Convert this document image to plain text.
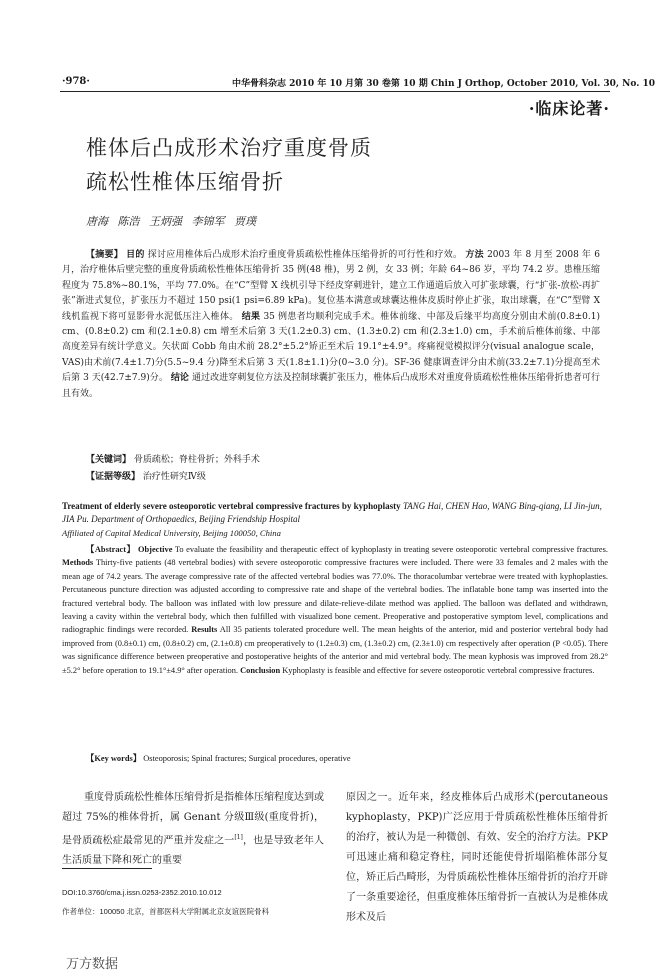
·978·	中华骨科杂志 2010 年 10 月第 30 卷第 10 期 Chin J Orthop, October 2010, Vol. 30, No. 10
·临床论著·
椎体后凸成形术治疗重度骨质
疏松性椎体压缩骨折
唐海 陈浩 王炳强 李锦军 贾璞
【摘要】 目的 探讨应用椎体后凸成形术治疗重度骨质疏松性椎体压缩骨折的可行性和疗效。 方法 2003 年 8 月至 2008 年 6 月，治疗椎体后壁完整的重度骨质疏松性椎体压缩骨折 35 例(48 椎)，男 2 例，女 33 例；年龄 64~86 岁，平均 74.2 岁。患椎压缩程度为 75.8%~80.1%，平均 77.0%。在“C”型臂 X 线机引导下经皮穿刺进针，建立工作通道后放入可扩张球囊，行“扩张-放松-再扩张”渐进式复位，扩张压力不超过 150 psi(1 psi=6.89 kPa)。复位基本满意或球囊达椎体皮质时停止扩张，取出球囊，在“C”型臂 X 线机监视下将可显影骨水泥低压注入椎体。 结果 35 例患者均顺利完成手术。椎体前缘、中部及后缘平均高度分别由术前(0.8±0.1) cm、(0.8±0.2) cm 和(2.1±0.8) cm 增至术后第 3 天(1.2±0.3) cm、(1.3±0.2) cm 和(2.3±1.0) cm，手术前后椎体前缘、中部高度差异有统计学意义。矢状面 Cobb 角由术前 28.2°±5.2°矫正至术后 19.1°±4.9°。疼痛视觉模拟评分(visual analogue scale，VAS)由术前(7.4±1.7)分(5.5~9.4 分)降至术后第 3 天(1.8±1.1)分(0~3.0 分)。SF-36 健康调查评分由术前(33.2±7.1)分提高至术后第 3 天(42.7±7.9)分。 结论 通过改进穿刺复位方法及控制球囊扩张压力，椎体后凸成形术对重度骨质疏松性椎体压缩骨折患者可行且有效。
【关键词】 骨质疏松；脊柱骨折；外科手术
【证据等级】 治疗性研究Ⅳ级
Treatment of elderly severe osteoporotic vertebral compressive fractures by kyphoplasty TANG Hai, CHEN Hao, WANG Bing-qiang, LI Jin-jun, JIA Pu. Department of Orthopaedics, Beijing Friendship Hospital
Affiliated of Capital Medical University, Beijing 100050, China
【Abstract】 Objective To evaluate the feasibility and therapeutic effect of kyphoplasty in treating severe osteoporotic vertebral compressive fractures. Methods Thirty-five patients (48 vertebral bodies) with severe osteoporotic compressive fractures were included. There were 33 females and 2 males with the mean age of 74.2 years. The average compressive rate of the affected vertebral bodies was 77.0%. The thoracolumbar vertebrae were treated with kyphoplasties. Percutaneous puncture direction was adjusted according to compressive rate and shape of the vertebral bodies. The inflatable bone tamp was inserted into the fractured vertebral body. The balloon was inflated with low pressure and dilate-relieve-dilate method was applied. The balloon was deflated and withdrawn, leaving a cavity within the vertebral body, which then fulfilled with visualized bone cement. Preoperative and postoperative symptom level, complications and radiographic findings were recorded. Results All 35 patients tolerated procedure well. The mean heights of the anterior, mid and posterior vertebral body had improved from (0.8±0.1) cm, (0.8±0.2) cm, (2.1±0.8) cm preoperatively to (1.2±0.3) cm, (1.3±0.2) cm, (2.3±1.0) cm respectively after operation (P <0.05). There was significance difference between preoperative and postoperative heights of the anterior and mid vertebral body. The mean kyphosis was improved from 28.2°±5.2° before operation to 19.1°±4.9° after operation. Conclusion Kyphoplasty is feasible and effective for severe osteoporotic vertebral compressive fractures.
【Key words】 Osteoporosis; Spinal fractures; Surgical procedures, operative
重度骨质疏松性椎体压缩骨折是指椎体压缩程度达到或超过 75%的椎体骨折，属 Genant 分级Ⅲ级(重度骨折)，是骨质疏松症最常见的严重并发症之一[1]，也是导致老年人生活质量下降和死亡的重要
原因之一。近年来，经皮椎体后凸成形术(percutaneous kyphoplasty，PKP)广泛应用于骨质疏松性椎体压缩骨折的治疗，被认为是一种微创、有效、安全的治疗方法。PKP 可迅速止痛和稳定脊柱，同时还能使骨折塌陷椎体部分复位，矫正后凸畸形，为骨质疏松性椎体压缩骨折的治疗开辟了一条重要途径，但重度椎体压缩骨折一直被认为是椎体成形术及后
DOI:10.3760/cma.j.issn.0253-2352.2010.10.012
作者单位：100050 北京，首都医科大学附属北京友谊医院骨科
万方数据
